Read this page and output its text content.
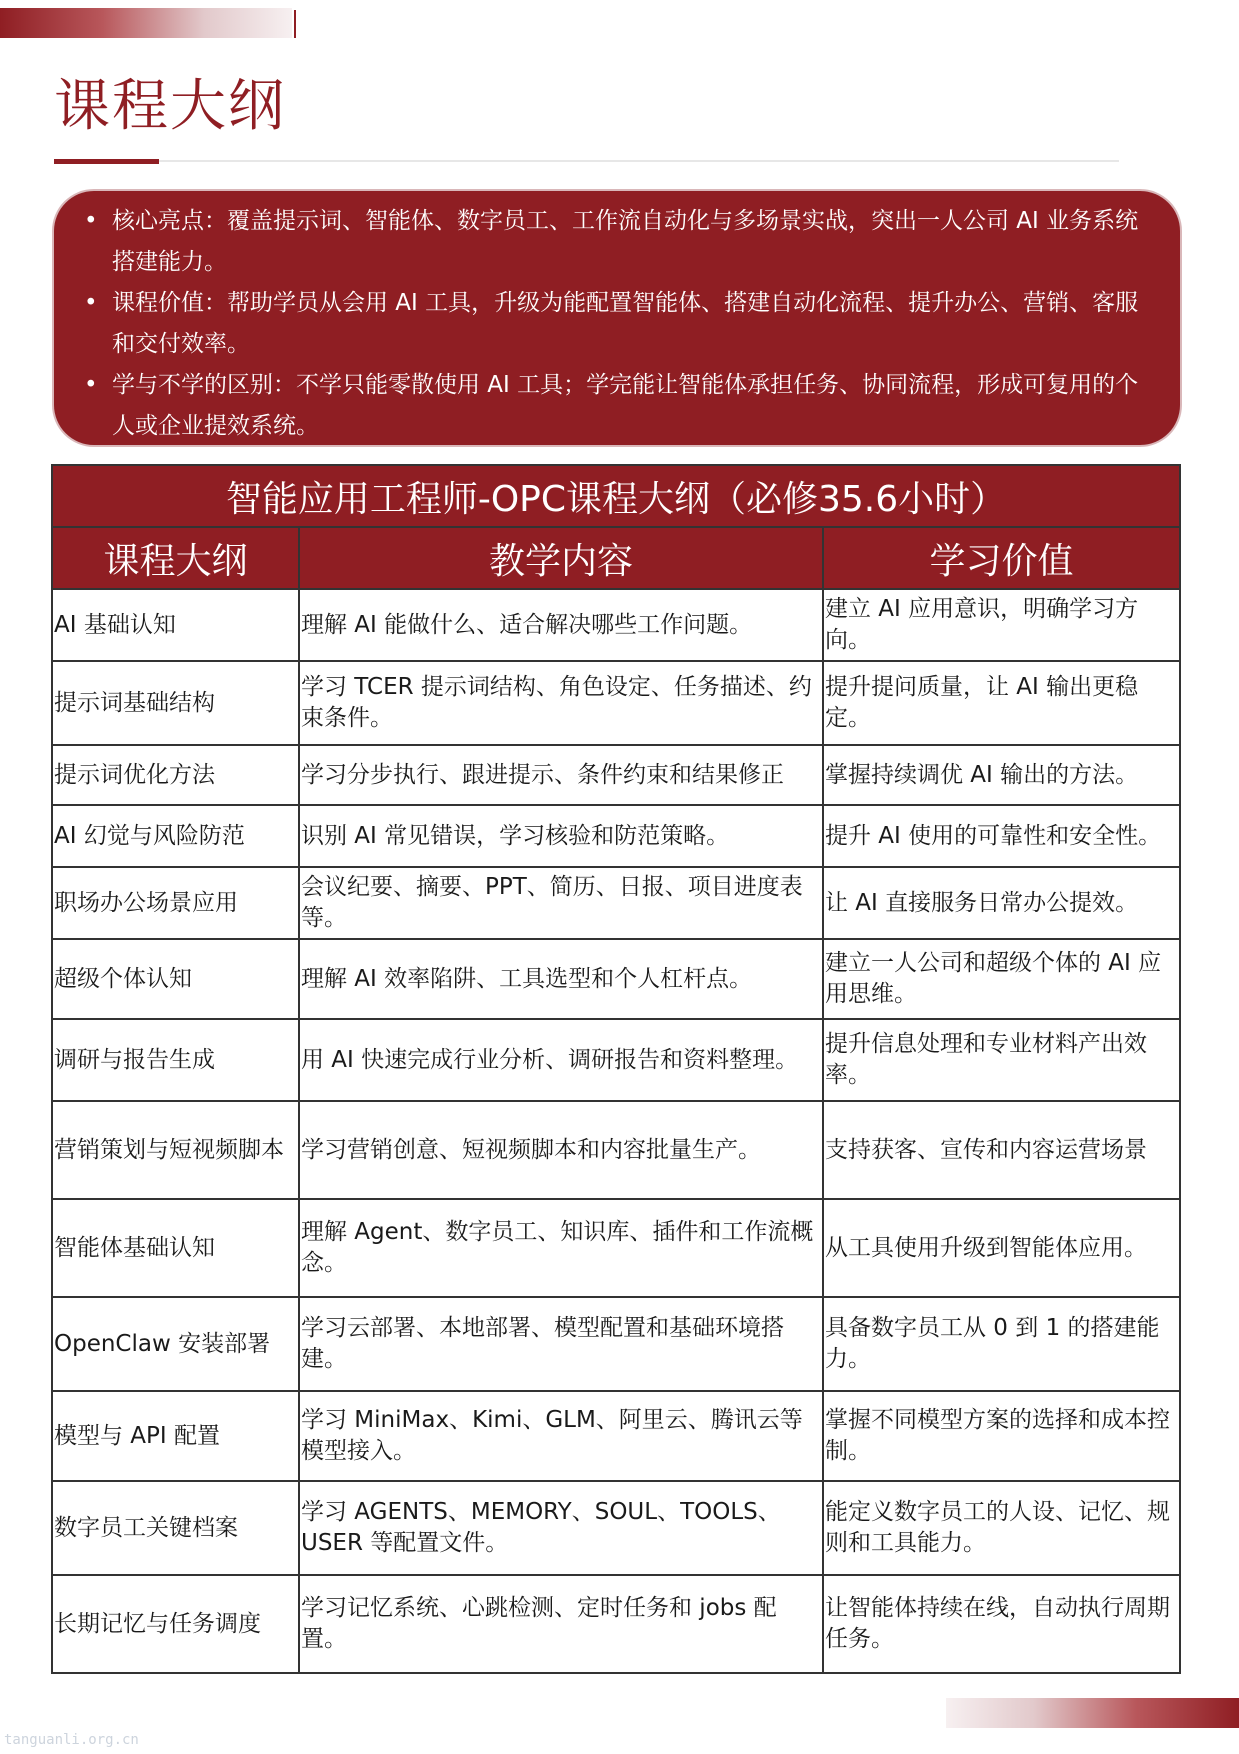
课程大纲
• 核心亮点：覆盖提示词、智能体、数字员工、工作流自动化与多场景实战，突出一人公司 AI 业务系统搭建能力。
• 课程价值：帮助学员从会用 AI 工具，升级为能配置智能体、搭建自动化流程、提升办公、营销、客服和交付效率。
• 学与不学的区别：不学只能零散使用 AI 工具；学完能让智能体承担任务、协同流程，形成可复用的个人或企业提效系统。
智能应用工程师-OPC课程大纲（必修35.6小时）		
课程大纲	教学内容	学习价值
AI 基础认知	理解 AI 能做什么、适合解决哪些工作问题。	建立 AI 应用意识，明确学习方向。
提示词基础结构	学习 TCER 提示词结构、角色设定、任务描述、约束条件。	提升提问质量，让 AI 输出更稳定。
提示词优化方法	学习分步执行、跟进提示、条件约束和结果修正	掌握持续调优 AI 输出的方法。
AI 幻觉与风险防范	识别 AI 常见错误，学习核验和防范策略。	提升 AI 使用的可靠性和安全性。
职场办公场景应用	会议纪要、摘要、PPT、简历、日报、项目进度表等。	让 AI 直接服务日常办公提效。
超级个体认知	理解 AI 效率陷阱、工具选型和个人杠杆点。	建立一人公司和超级个体的 AI 应用思维。
调研与报告生成	用 AI 快速完成行业分析、调研报告和资料整理。	提升信息处理和专业材料产出效率。
营销策划与短视频脚本	学习营销创意、短视频脚本和内容批量生产。	支持获客、宣传和内容运营场景
智能体基础认知	理解 Agent、数字员工、知识库、插件和工作流概念。	从工具使用升级到智能体应用。
OpenClaw 安装部署	学习云部署、本地部署、模型配置和基础环境搭建。	具备数字员工从 0 到 1 的搭建能力。
模型与 API 配置	学习 MiniMax、Kimi、GLM、阿里云、腾讯云等模型接入。	掌握不同模型方案的选择和成本控制。
数字员工关键档案	学习 AGENTS、MEMORY、SOUL、TOOLS、USER 等配置文件。	能定义数字员工的人设、记忆、规则和工具能力。
长期记忆与任务调度	学习记忆系统、心跳检测、定时任务和 jobs 配置。	让智能体持续在线，自动执行周期任务。
tanguanli.org.cn
